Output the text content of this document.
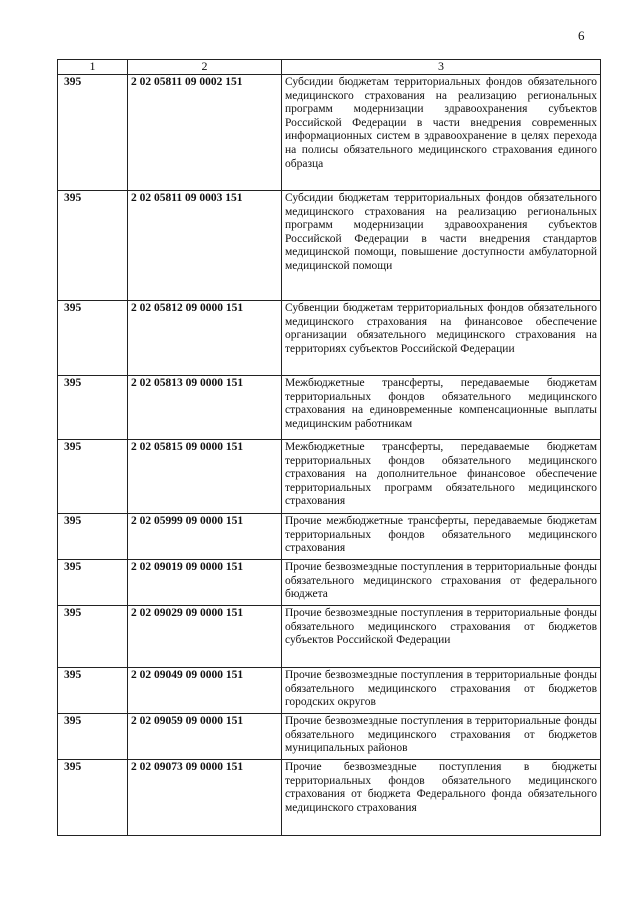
6
1	2	3
395	2 02 05811 09 0002 151	Субсидии бюджетам территориальных фондов обязательного медицинского страхования на реализацию региональных программ модернизации здравоохранения субъектов Российской Федерации в части внедрения современных информационных систем в здравоохранение в целях перехода на полисы обязательного медицинского страхования единого образца
395	2 02 05811 09 0003 151	Субсидии бюджетам территориальных фондов обязательного медицинского страхования на реализацию региональных программ модернизации здравоохранения субъектов Российской Федерации в части внедрения стандартов медицинской помощи, повышение доступности амбулаторной медицинской помощи
395	2 02 05812 09 0000 151	Субвенции бюджетам территориальных фондов обязательного медицинского страхования на финансовое обеспечение организации обязательного медицинского страхования на территориях субъектов Российской Федерации
395	2 02 05813 09 0000 151	Межбюджетные трансферты, передаваемые бюджетам территориальных фондов обязательного медицинского страхования на единовременные компенсационные выплаты медицинским работникам
395	2 02 05815 09 0000 151	Межбюджетные трансферты, передаваемые бюджетам территориальных фондов обязательного медицинского страхования на дополнительное финансовое обеспечение территориальных программ обязательного медицинского страхования
395	2 02 05999 09 0000 151	Прочие межбюджетные трансферты, передаваемые бюджетам территориальных фондов обязательного медицинского страхования
395	2 02 09019 09 0000 151	Прочие безвозмездные поступления в территориальные фонды обязательного медицинского страхования от федерального бюджета
395	2 02 09029 09 0000 151	Прочие безвозмездные поступления в территориальные фонды обязательного медицинского страхования от бюджетов субъектов Российской Федерации
395	2 02 09049 09 0000 151	Прочие безвозмездные поступления в территориальные фонды обязательного медицинского страхования от бюджетов городских округов
395	2 02 09059 09 0000 151	Прочие безвозмездные поступления в территориальные фонды обязательного медицинского страхования от бюджетов муниципальных районов
395	2 02 09073 09 0000 151	Прочие безвозмездные поступления в бюджеты территориальных фондов обязательного медицинского страхования от бюджета Федерального фонда обязательного медицинского страхования
